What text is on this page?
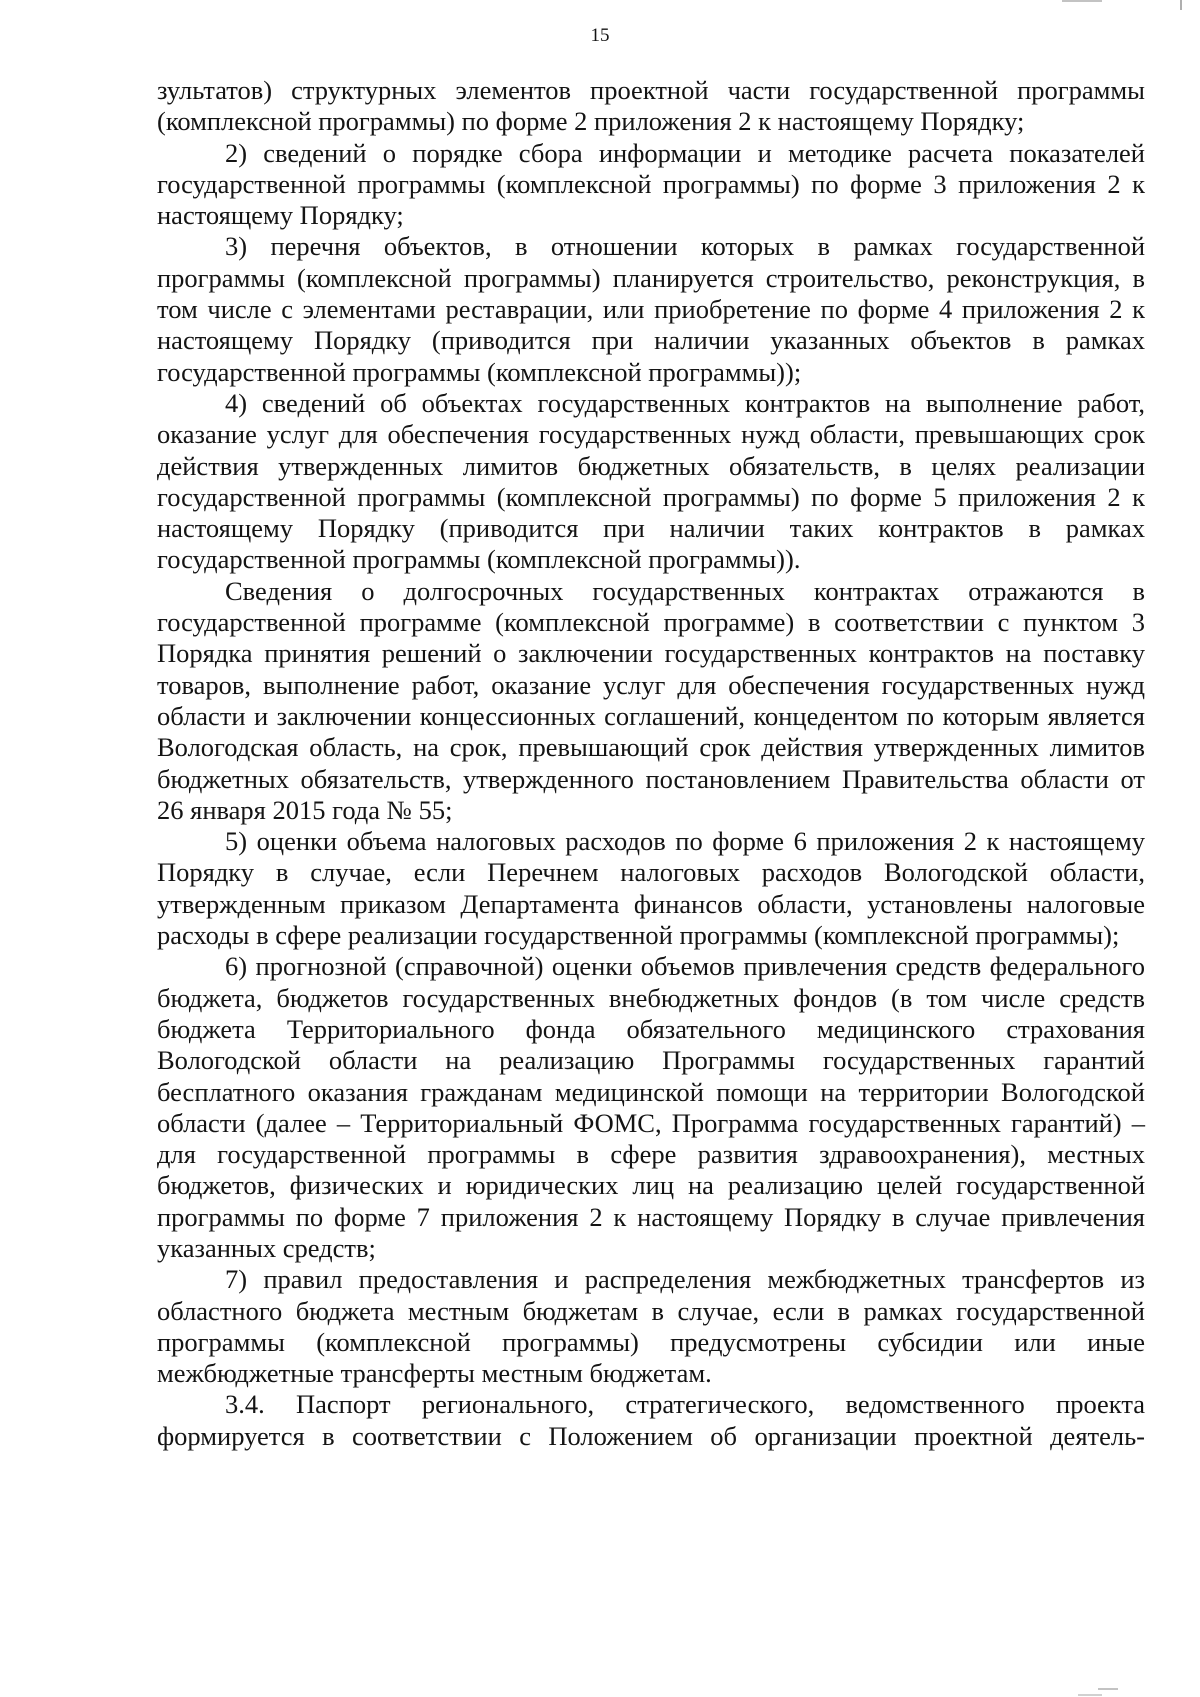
15

зультатов) структурных элементов проектной части государственной программы (комплексной программы) по форме 2 приложения 2 к настоящему Порядку;

2) сведений о порядке сбора информации и методике расчета показателей государственной программы (комплексной программы) по форме 3 приложения 2 к настоящему Порядку;

3) перечня объектов, в отношении которых в рамках государственной программы (комплексной программы) планируется строительство, реконструкция, в том числе с элементами реставрации, или приобретение по форме 4 приложения 2 к настоящему Порядку (приводится при наличии указанных объектов в рамках государственной программы (комплексной программы));

4) сведений об объектах государственных контрактов на выполнение работ, оказание услуг для обеспечения государственных нужд области, превышающих срок действия утвержденных лимитов бюджетных обязательств, в целях реализации государственной программы (комплексной программы) по форме 5 приложения 2 к настоящему Порядку (приводится при наличии таких контрактов в рамках государственной программы (комплексной программы)).

Сведения о долгосрочных государственных контрактах отражаются в государственной программе (комплексной программе) в соответствии с пунктом 3 Порядка принятия решений о заключении государственных контрактов на поставку товаров, выполнение работ, оказание услуг для обеспечения государственных нужд области и заключении концессионных соглашений, концедентом по которым является Вологодская область, на срок, превышающий срок действия утвержденных лимитов бюджетных обязательств, утвержденного постановлением Правительства области от 26 января 2015 года № 55;

5) оценки объема налоговых расходов по форме 6 приложения 2 к настоящему Порядку в случае, если Перечнем налоговых расходов Вологодской области, утвержденным приказом Департамента финансов области, установлены налоговые расходы в сфере реализации государственной программы (комплексной программы);

6) прогнозной (справочной) оценки объемов привлечения средств федерального бюджета, бюджетов государственных внебюджетных фондов (в том числе средств бюджета Территориального фонда обязательного медицинского страхования Вологодской области на реализацию Программы государственных гарантий бесплатного оказания гражданам медицинской помощи на территории Вологодской области (далее – Территориальный ФОМС, Программа государственных гарантий) – для государственной программы в сфере развития здравоохранения), местных бюджетов, физических и юридических лиц на реализацию целей государственной программы по форме 7 приложения 2 к настоящему Порядку в случае привлечения указанных средств;

7) правил предоставления и распределения межбюджетных трансфертов из областного бюджета местным бюджетам в случае, если в рамках государственной программы (комплексной программы) предусмотрены субсидии или иные межбюджетные трансферты местным бюджетам.

3.4. Паспорт регионального, стратегического, ведомственного проекта формируется в соответствии с Положением об организации проектной деятель-
